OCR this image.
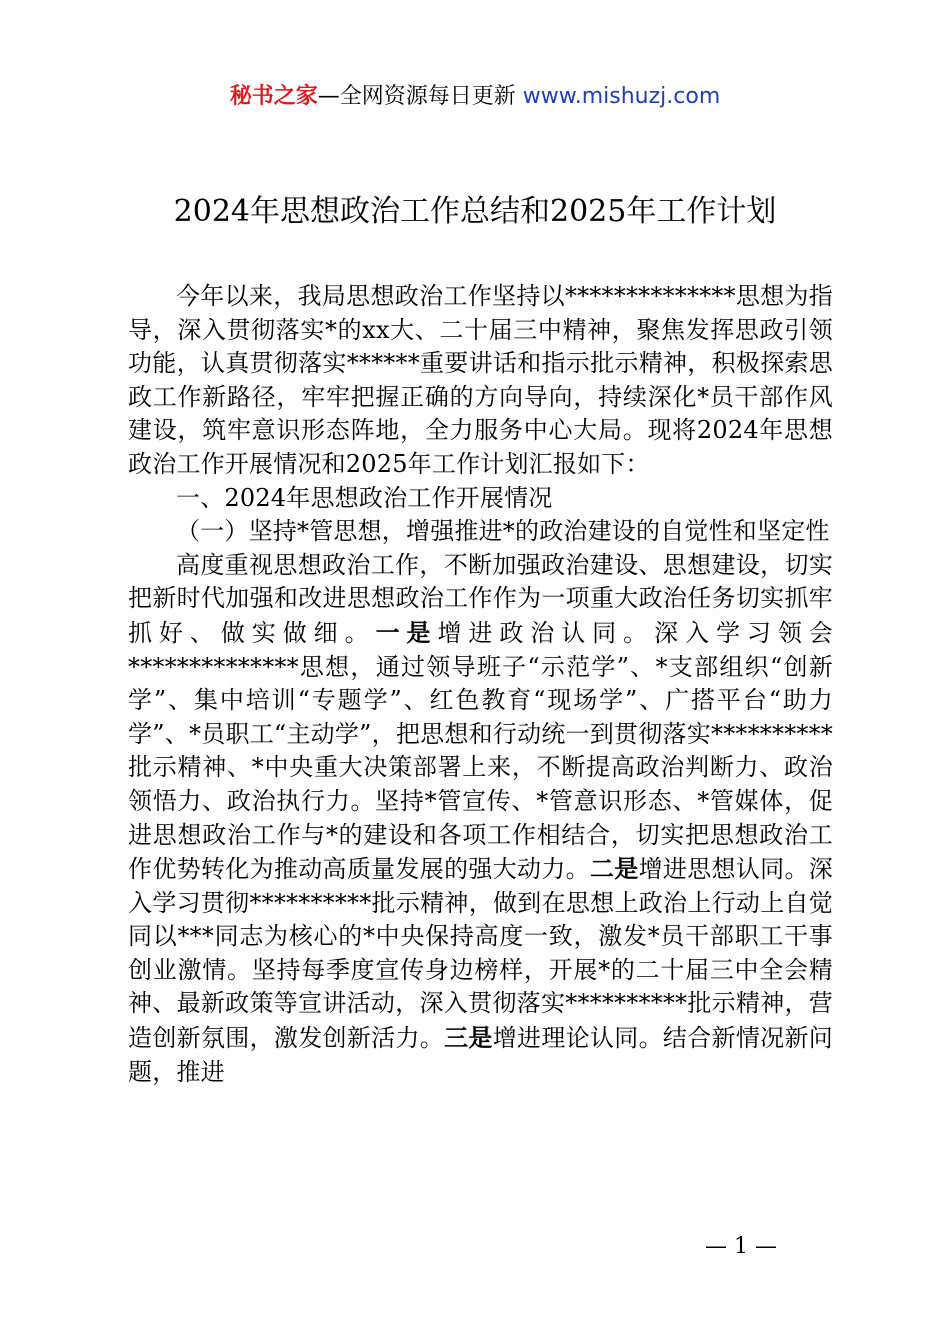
秘书之家—全网资源每日更新 www.mishuzj.com
2024年思想政治工作总结和2025年工作计划

今年以来，我局思想政治工作坚持以**************思想为指导，深入贯彻落实*的xx大、二十届三中精神，聚焦发挥思政引领功能，认真贯彻落实******重要讲话和指示批示精神，积极探索思政工作新路径，牢牢把握正确的方向导向，持续深化*员干部作风建设，筑牢意识形态阵地，全力服务中心大局。现将2024年思想政治工作开展情况和2025年工作计划汇报如下：

一、2024年思想政治工作开展情况

（一）坚持*管思想，增强推进*的政治建设的自觉性和坚定性

高度重视思想政治工作，不断加强政治建设、思想建设，切实把新时代加强和改进思想政治工作作为一项重大政治任务切实抓牢抓好、做实做细。一是增进政治认同。深入学习领会**************思想，通过领导班子“示范学”、*支部组织“创新学”、集中培训“专题学”、红色教育“现场学”、广搭平台“助力学”、*员职工“主动学”，把思想和行动统一到贯彻落实**********批示精神、*中央重大决策部署上来，不断提高政治判断力、政治领悟力、政治执行力。坚持*管宣传、*管意识形态、*管媒体，促进思想政治工作与*的建设和各项工作相结合，切实把思想政治工作优势转化为推动高质量发展的强大动力。二是增进思想认同。深入学习贯彻**********批示精神，做到在思想上政治上行动上自觉同以***同志为核心的*中央保持高度一致，激发*员干部职工干事创业激情。坚持每季度宣传身边榜样，开展*的二十届三中全会精神、最新政策等宣讲活动，深入贯彻落实**********批示精神，营造创新氛围，激发创新活力。三是增进理论认同。结合新情况新问题，推进

— 1 —
